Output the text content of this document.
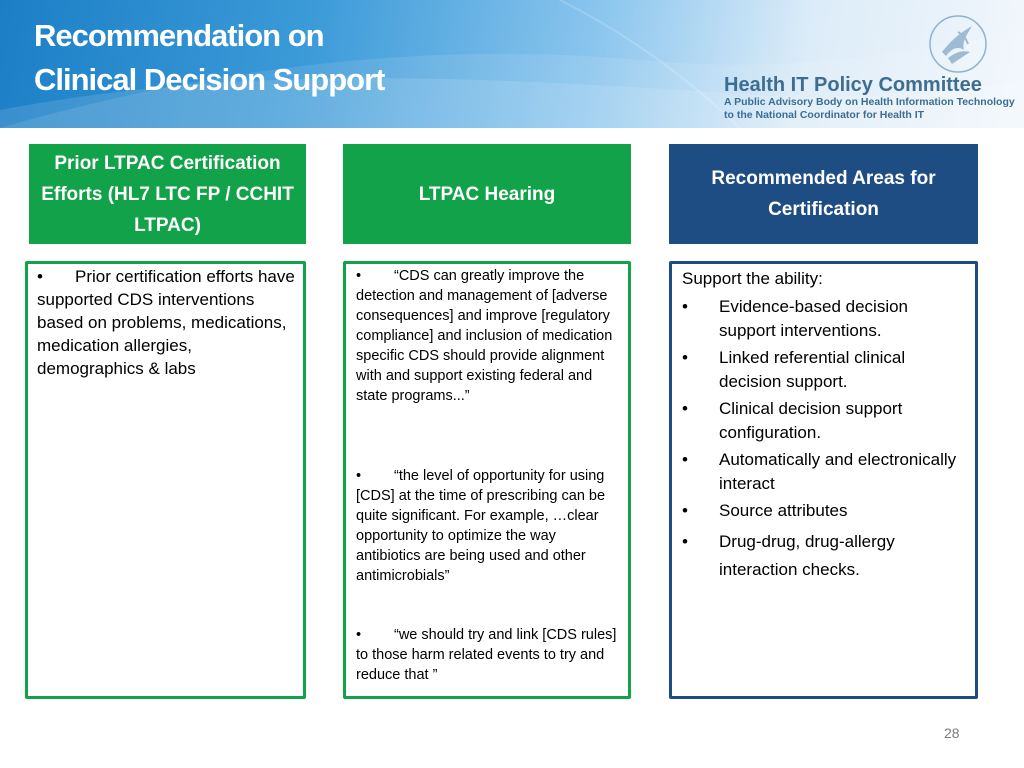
Recommendation on
Clinical Decision Support	Health IT Policy Committee

A Public Advisory Body on Health Information Technology
to the National Coordinator for Health IT

Prior LTPAC Certification Efforts (HL7 LTC FP / CCHIT LTPAC)
LTPAC Hearing
Recommended Areas for Certification

• Prior certification efforts have supported CDS interventions based on problems, medications, medication allergies, demographics & labs

• “CDS can greatly improve the detection and management of [adverse consequences] and improve [regulatory compliance] and inclusion of medication specific CDS should provide alignment with and support existing federal and state programs...”

• “the level of opportunity for using [CDS] at the time of prescribing can be quite significant. For example, …clear opportunity to optimize the way antibiotics are being used and other antimicrobials”

• “we should try and link [CDS rules] to those harm related events to try and reduce that ”

Support the ability:

•	Evidence-based decision support interventions.
•	Linked referential clinical decision support.
•	Clinical decision support configuration.
•	Automatically and electronically interact
•	Source attributes
•	Drug-drug, drug-allergy interaction checks.

28
